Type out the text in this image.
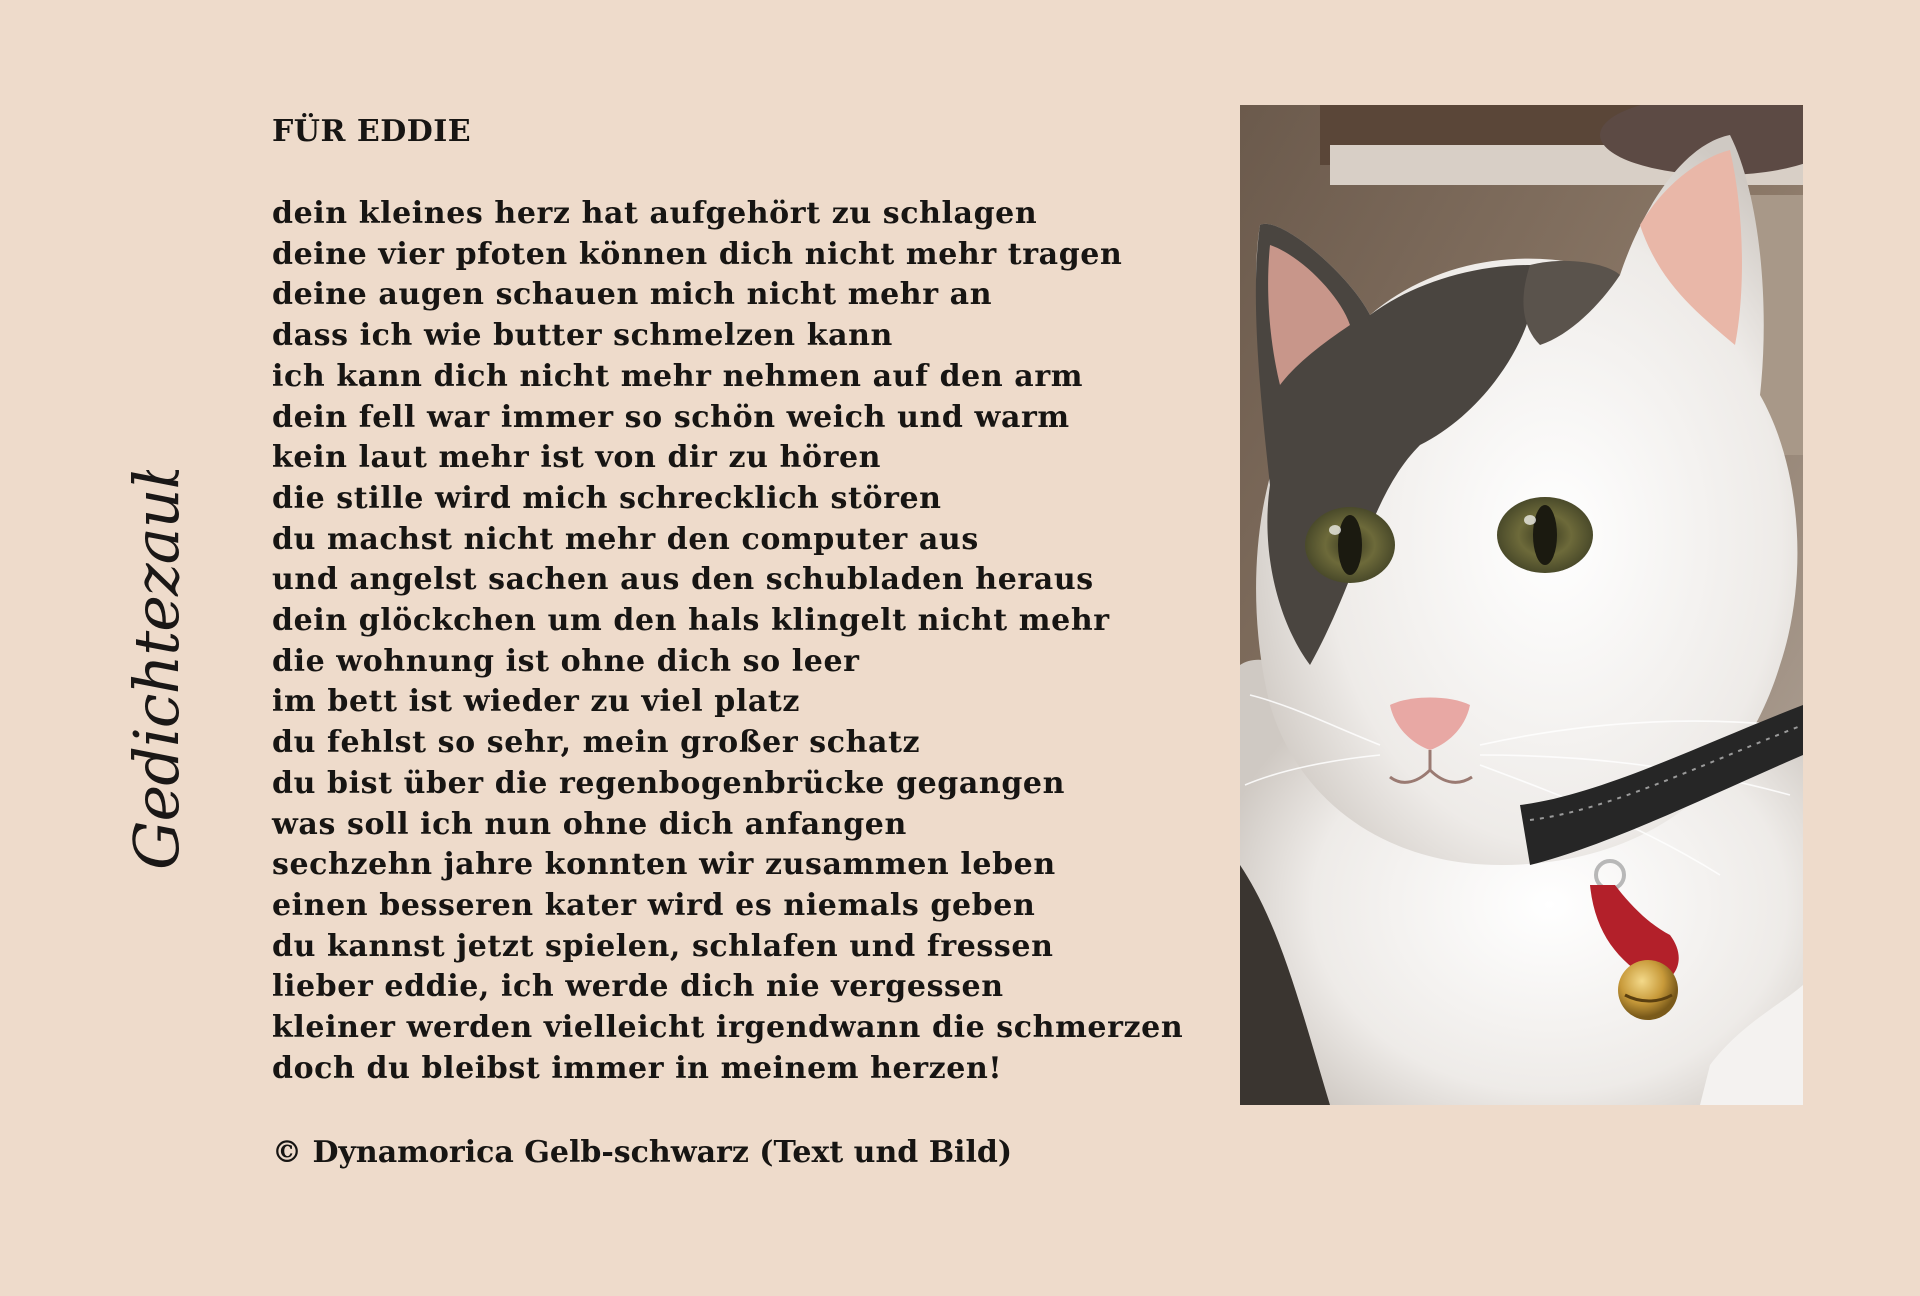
Gedichtezauber
FÜR EDDIE
dein kleines herz hat aufgehört zu schlagen
deine vier pfoten können dich nicht mehr tragen
deine augen schauen mich nicht mehr an
dass ich wie butter schmelzen kann
ich kann dich nicht mehr nehmen auf den arm
dein fell war immer so schön weich und warm
kein laut mehr ist von dir zu hören
die stille wird mich schrecklich stören
du machst nicht mehr den computer aus
und angelst sachen aus den schubladen heraus
dein glöckchen um den hals klingelt nicht mehr
die wohnung ist ohne dich so leer
im bett ist wieder zu viel platz
du fehlst so sehr, mein großer schatz
du bist über die regenbogenbrücke gegangen
was soll ich nun ohne dich anfangen
sechzehn jahre konnten wir zusammen leben
einen besseren kater wird es niemals geben
du kannst jetzt spielen, schlafen und fressen
lieber eddie, ich werde dich nie vergessen
kleiner werden vielleicht irgendwann die schmerzen
doch du bleibst immer in meinem herzen!
© Dynamorica Gelb-schwarz (Text und Bild)
